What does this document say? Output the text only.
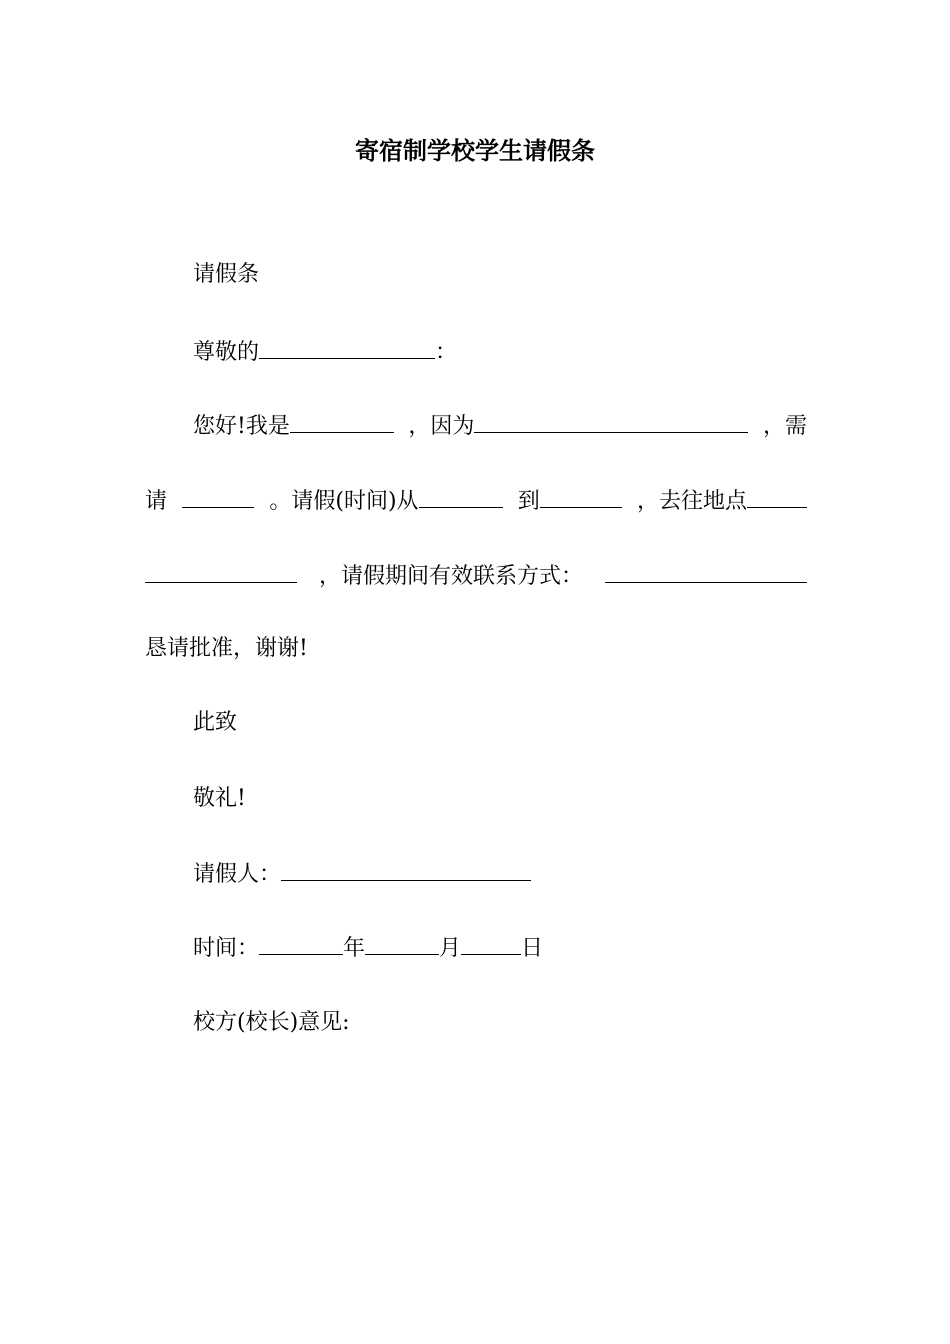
寄宿制学校学生请假条
请假条
尊敬的	：
您好!我是	，因为	，需
请	。请假(时间)从	到	，去往地点
，请假期间有效联系方式：
恳请批准，谢谢!
此致
敬礼!
请假人：
时间：	年	月	日
校方(校长)意见:
